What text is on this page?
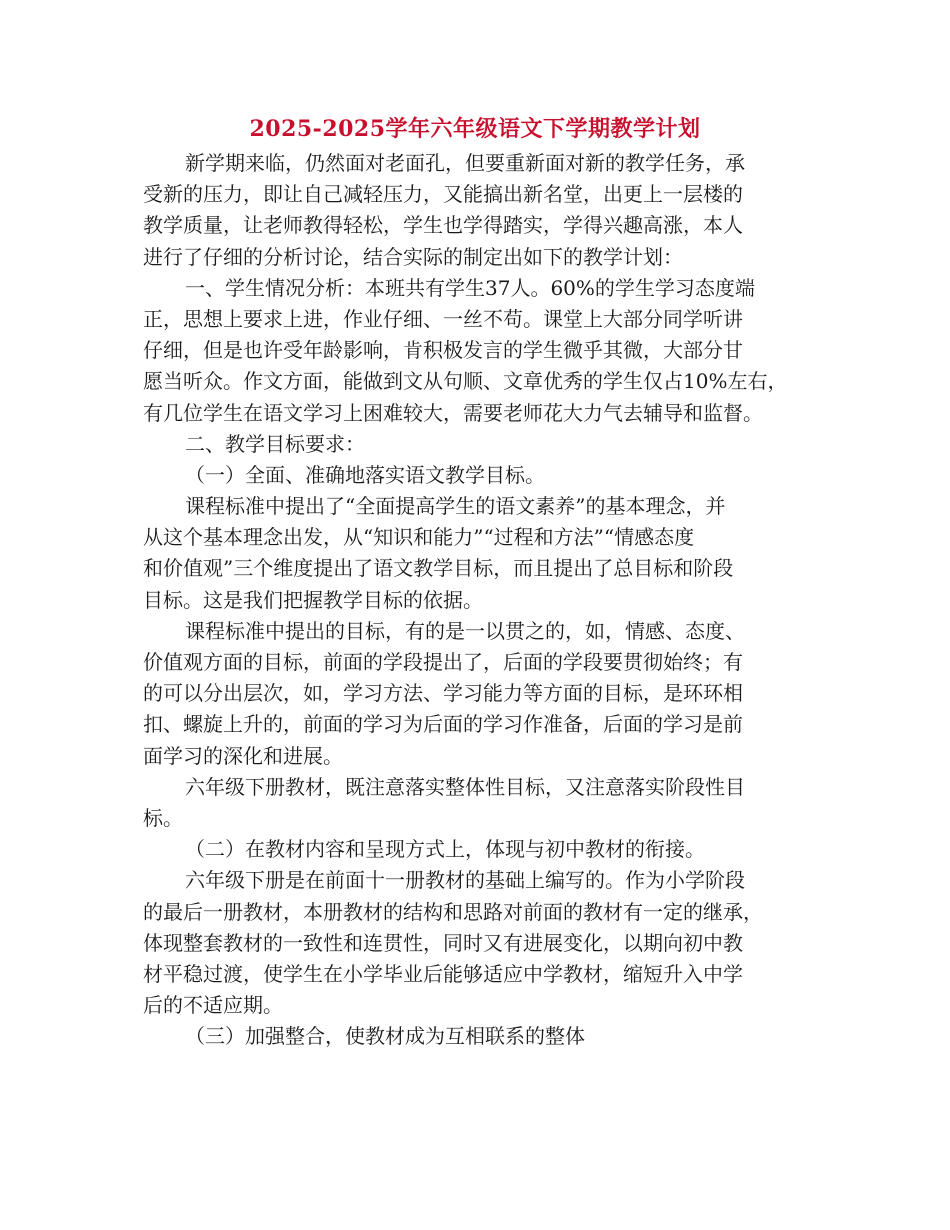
2025-2025学年六年级语文下学期教学计划

新学期来临，仍然面对老面孔，但要重新面对新的教学任务，承

受新的压力，即让自己减轻压力，又能搞出新名堂，出更上一层楼的

教学质量，让老师教得轻松，学生也学得踏实，学得兴趣高涨，本人

进行了仔细的分析讨论，结合实际的制定出如下的教学计划：

一、学生情况分析：本班共有学生37人。60%的学生学习态度端

正，思想上要求上进，作业仔细、一丝不苟。课堂上大部分同学听讲

仔细，但是也许受年龄影响，肯积极发言的学生微乎其微，大部分甘

愿当听众。作文方面，能做到文从句顺、文章优秀的学生仅占10%左右，

有几位学生在语文学习上困难较大，需要老师花大力气去辅导和监督。

二、教学目标要求：

（一）全面、准确地落实语文教学目标。

课程标准中提出了“全面提高学生的语文素养”的基本理念，并

从这个基本理念出发，从“知识和能力”“过程和方法”“情感态度

和价值观”三个维度提出了语文教学目标，而且提出了总目标和阶段

目标。这是我们把握教学目标的依据。

课程标准中提出的目标，有的是一以贯之的，如，情感、态度、

价值观方面的目标，前面的学段提出了，后面的学段要贯彻始终；有

的可以分出层次，如，学习方法、学习能力等方面的目标，是环环相

扣、螺旋上升的，前面的学习为后面的学习作准备，后面的学习是前

面学习的深化和进展。

六年级下册教材，既注意落实整体性目标，又注意落实阶段性目

标。

（二）在教材内容和呈现方式上，体现与初中教材的衔接。

六年级下册是在前面十一册教材的基础上编写的。作为小学阶段

的最后一册教材，本册教材的结构和思路对前面的教材有一定的继承，

体现整套教材的一致性和连贯性，同时又有进展变化，以期向初中教

材平稳过渡，使学生在小学毕业后能够适应中学教材，缩短升入中学

后的不适应期。

（三）加强整合，使教材成为互相联系的整体
